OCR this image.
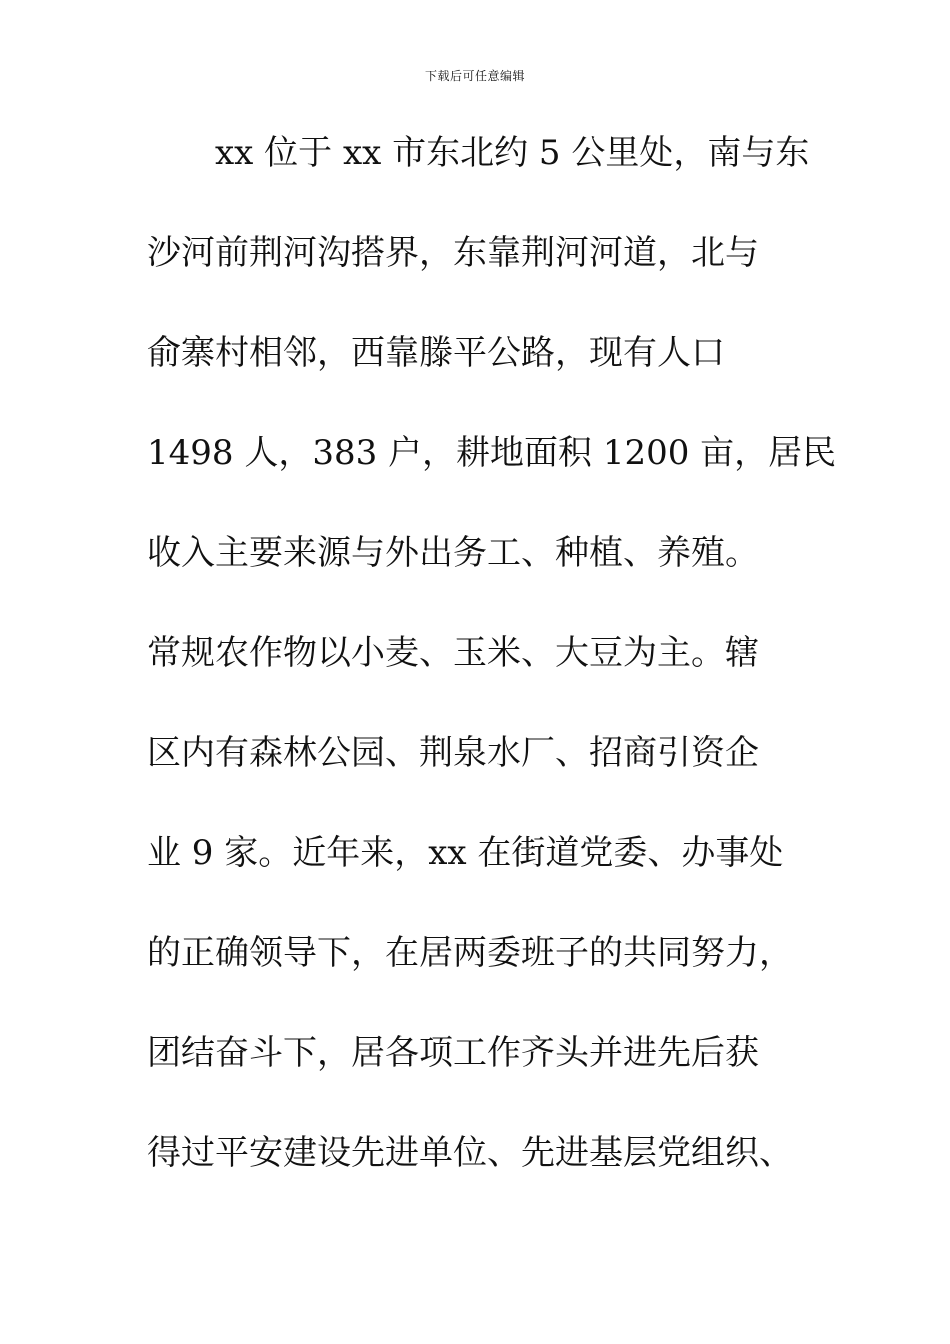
下载后可任意编辑
xx 位于 xx 市东北约 5 公里处，南与东
沙河前荆河沟搭界，东靠荆河河道，北与
俞寨村相邻，西靠滕平公路，现有人口
1498 人，383 户，耕地面积 1200 亩，居民
收入主要来源与外出务工、种植、养殖。
常规农作物以小麦、玉米、大豆为主。辖
区内有森林公园、荆泉水厂、招商引资企
业 9 家。近年来，xx 在街道党委、办事处
的正确领导下，在居两委班子的共同努力，
团结奋斗下，居各项工作齐头并进先后获
得过平安建设先进单位、先进基层党组织、
